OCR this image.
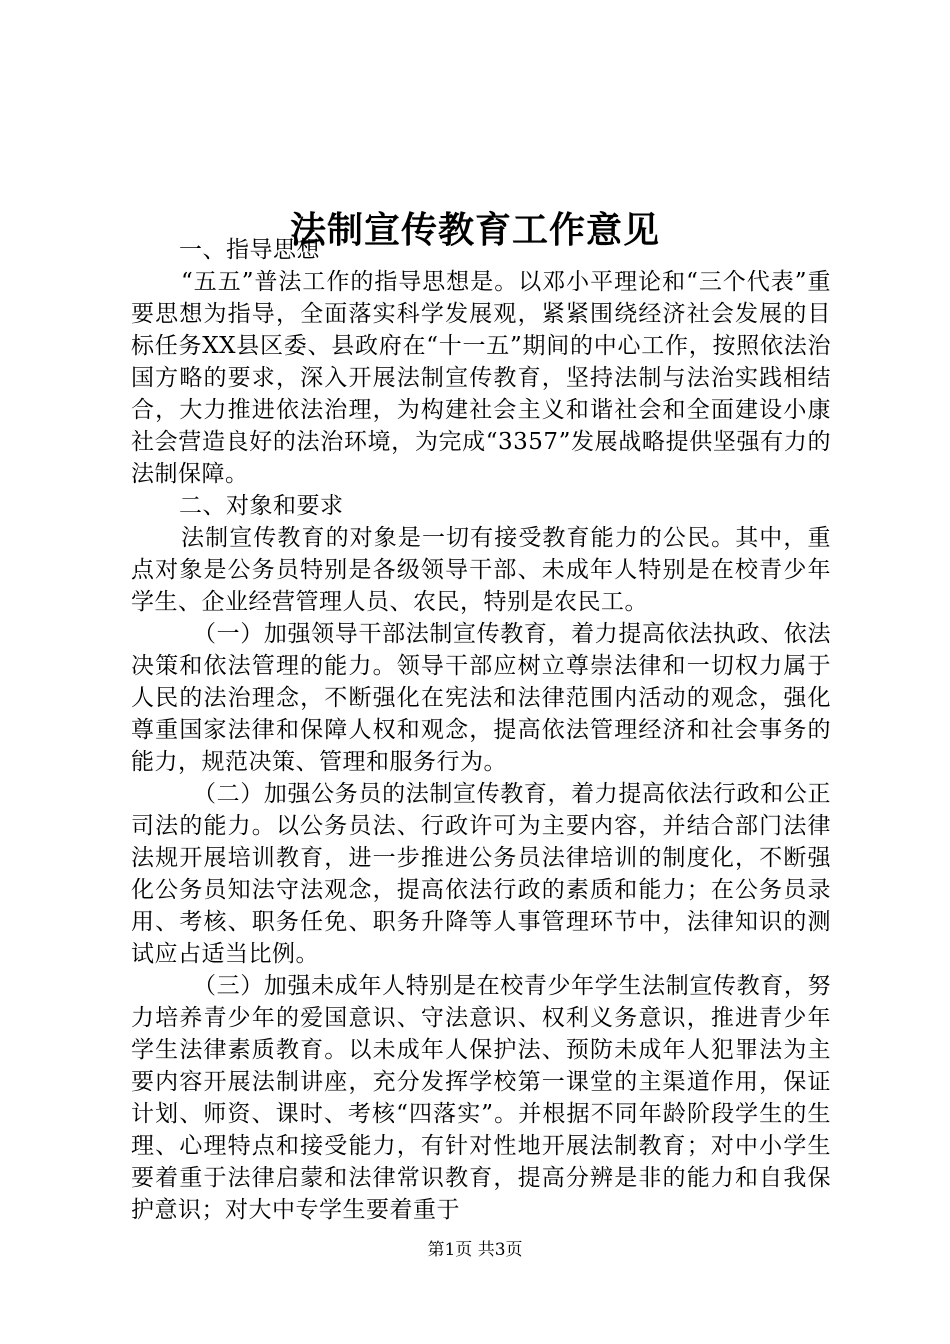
法制宣传教育工作意见

一、指导思想

“五五”普法工作的指导思想是。以邓小平理论和“三个代表”重要思想为指导，全面落实科学发展观，紧紧围绕经济社会发展的目标任务XX县区委、县政府在“十一五”期间的中心工作，按照依法治国方略的要求，深入开展法制宣传教育，坚持法制与法治实践相结合，大力推进依法治理，为构建社会主义和谐社会和全面建设小康社会营造良好的法治环境，为完成“3357”发展战略提供坚强有力的法制保障。

二、对象和要求

法制宣传教育的对象是一切有接受教育能力的公民。其中，重点对象是公务员特别是各级领导干部、未成年人特别是在校青少年学生、企业经营管理人员、农民，特别是农民工。

（一）加强领导干部法制宣传教育，着力提高依法执政、依法决策和依法管理的能力。领导干部应树立尊崇法律和一切权力属于人民的法治理念，不断强化在宪法和法律范围内活动的观念，强化尊重国家法律和保障人权和观念，提高依法管理经济和社会事务的能力，规范决策、管理和服务行为。

（二）加强公务员的法制宣传教育，着力提高依法行政和公正司法的能力。以公务员法、行政许可为主要内容，并结合部门法律法规开展培训教育，进一步推进公务员法律培训的制度化，不断强化公务员知法守法观念，提高依法行政的素质和能力；在公务员录用、考核、职务任免、职务升降等人事管理环节中，法律知识的测试应占适当比例。

（三）加强未成年人特别是在校青少年学生法制宣传教育，努力培养青少年的爱国意识、守法意识、权利义务意识，推进青少年学生法律素质教育。以未成年人保护法、预防未成年人犯罪法为主要内容开展法制讲座，充分发挥学校第一课堂的主渠道作用，保证计划、师资、课时、考核“四落实”。并根据不同年龄阶段学生的生理、心理特点和接受能力，有针对性地开展法制教育；对中小学生要着重于法律启蒙和法律常识教育，提高分辨是非的能力和自我保护意识；对大中专学生要着重于

第1页 共3页
